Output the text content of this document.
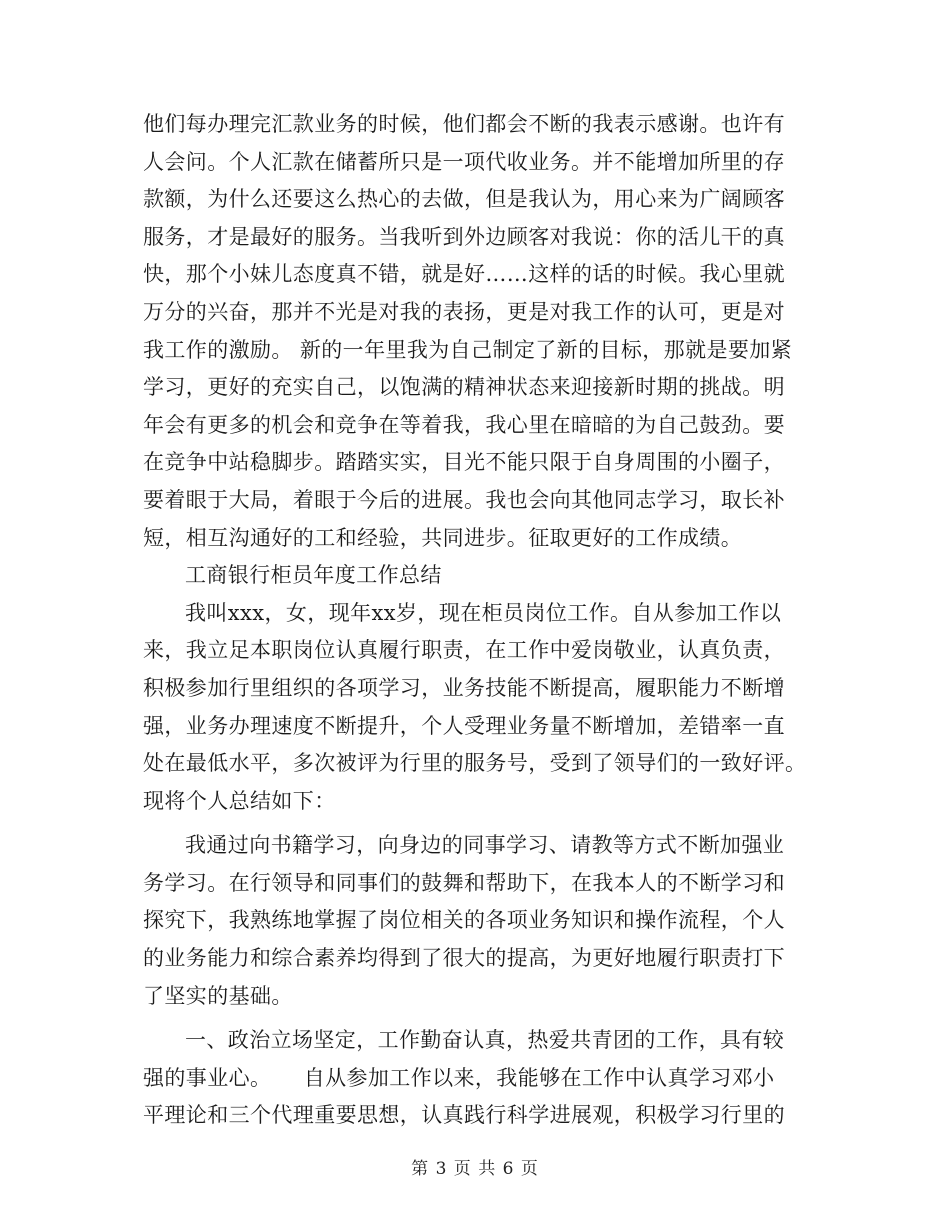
他们每办理完汇款业务的时候，他们都会不断的我表示感谢。也许有
人会问。个人汇款在储蓄所只是一项代收业务。并不能增加所里的存
款额，为什么还要这么热心的去做，但是我认为，用心来为广阔顾客
服务，才是最好的服务。当我听到外边顾客对我说：你的活儿干的真
快，那个小妹儿态度真不错，就是好……这样的话的时候。我心里就
万分的兴奋，那并不光是对我的表扬，更是对我工作的认可，更是对
我工作的激励。 新的一年里我为自己制定了新的目标，那就是要加紧
学习，更好的充实自己，以饱满的精神状态来迎接新时期的挑战。明
年会有更多的机会和竞争在等着我，我心里在暗暗的为自己鼓劲。要
在竞争中站稳脚步。踏踏实实，目光不能只限于自身周围的小圈子，
要着眼于大局，着眼于今后的进展。我也会向其他同志学习，取长补
短，相互沟通好的工和经验，共同进步。征取更好的工作成绩。
工商银行柜员年度工作总结
我叫xxx，女，现年xx岁，现在柜员岗位工作。自从参加工作以
来，我立足本职岗位认真履行职责，在工作中爱岗敬业，认真负责，
积极参加行里组织的各项学习，业务技能不断提高，履职能力不断增
强，业务办理速度不断提升，个人受理业务量不断增加，差错率一直
处在最低水平，多次被评为行里的服务号，受到了领导们的一致好评。
现将个人总结如下：
我通过向书籍学习，向身边的同事学习、请教等方式不断加强业
务学习。在行领导和同事们的鼓舞和帮助下，在我本人的不断学习和
探究下，我熟练地掌握了岗位相关的各项业务知识和操作流程，个人
的业务能力和综合素养均得到了很大的提高，为更好地履行职责打下
了坚实的基础。
一、政治立场坚定，工作勤奋认真，热爱共青团的工作，具有较
强的事业心。　　自从参加工作以来，我能够在工作中认真学习邓小
平理论和三个代理重要思想，认真践行科学进展观，积极学习行里的
第 3 页 共 6 页
